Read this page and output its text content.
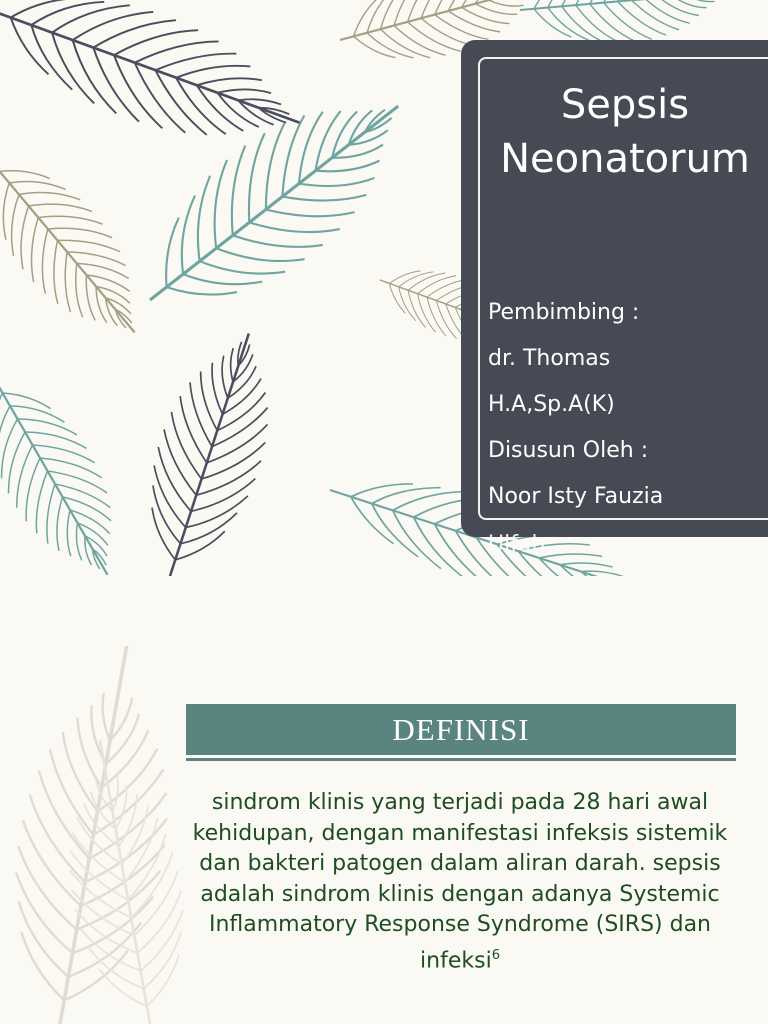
Sepsis
Neonatorum
Pembimbing :
dr. Thomas
H.A,Sp.A(K)
Disusun Oleh :
Noor Isty Fauzia
Ulfah
DEFINISI
sindrom klinis yang terjadi pada 28 hari awal kehidupan, dengan manifestasi infeksis sistemik dan bakteri patogen dalam aliran darah. sepsis adalah sindrom klinis dengan adanya Systemic Inflammatory Response Syndrome (SIRS) dan infeksi$^6$
